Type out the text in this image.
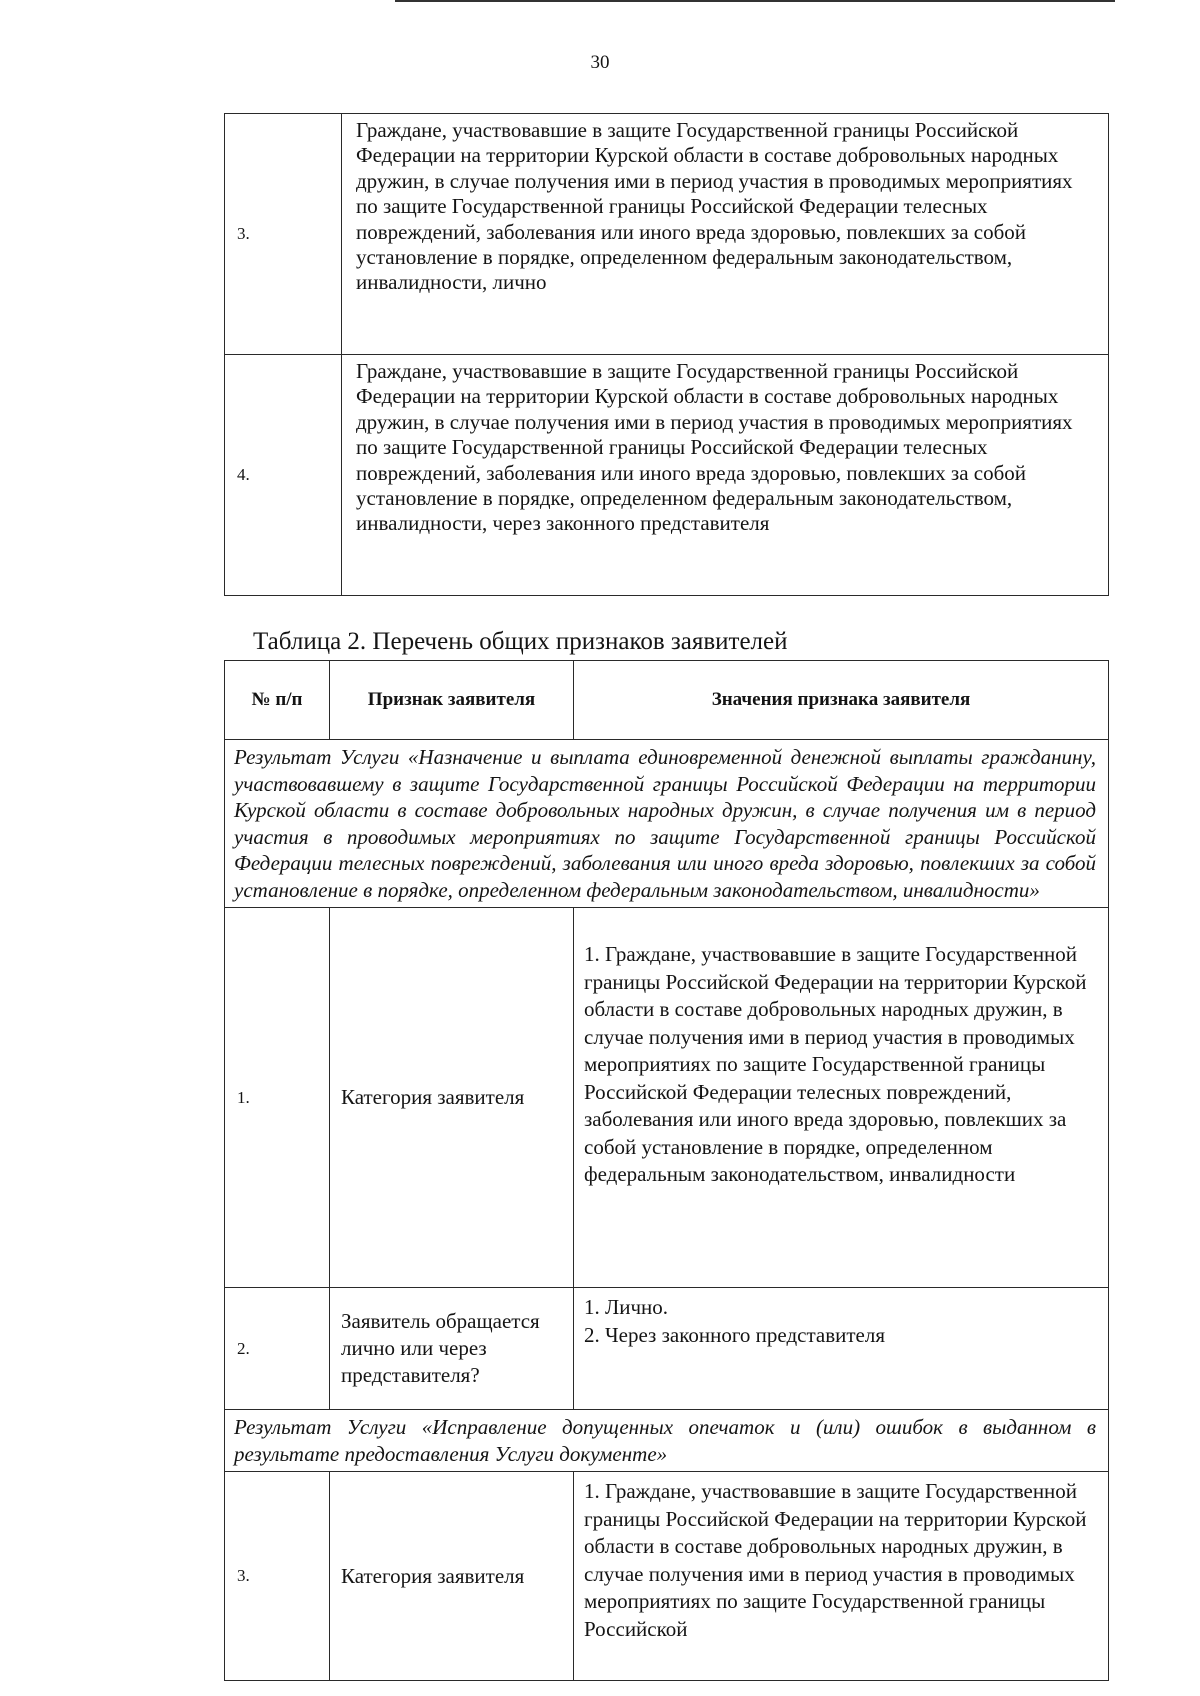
30
3.	Граждане, участвовавшие в защите Государственной границы Российской Федерации на территории Курской области в составе добровольных народных дружин, в случае получения ими в период участия в проводимых мероприятиях по защите Государственной границы Российской Федерации телесных повреждений, заболевания или иного вреда здоровью, повлекших за собой установление в порядке, определенном федеральным законодательством, инвалидности, лично
4.	Граждане, участвовавшие в защите Государственной границы Российской Федерации на территории Курской области в составе добровольных народных дружин, в случае получения ими в период участия в проводимых мероприятиях по защите Государственной границы Российской Федерации телесных повреждений, заболевания или иного вреда здоровью, повлекших за собой установление в порядке, определенном федеральным законодательством, инвалидности, через законного представителя
Таблица 2. Перечень общих признаков заявителей
№ п/п	Признак заявителя	Значения признака заявителя
Результат Услуги «Назначение и выплата единовременной денежной выплаты гражданину, участвовавшему в защите Государственной границы Российской Федерации на территории Курской области в составе добровольных народных дружин, в случае получения им в период участия в проводимых мероприятиях по защите Государственной границы Российской Федерации телесных повреждений, заболевания или иного вреда здоровью, повлекших за собой установление в порядке, определенном федеральным законодательством, инвалидности»		
1.	Категория заявителя	1. Граждане, участвовавшие в защите Государственной границы Российской Федерации на территории Курской области в составе добровольных народных дружин, в случае получения ими в период участия в проводимых мероприятиях по защите Государственной границы Российской Федерации телесных повреждений, заболевания или иного вреда здоровью, повлекших за собой установление в порядке, определенном федеральным законодательством, инвалидности
2.	Заявитель обращается лично или через представителя?	1. Лично.
2. Через законного представителя

Результат Услуги «Исправление допущенных опечаток и (или) ошибок в выданном в результате предоставления Услуги документе»		
3.	Категория заявителя	1. Граждане, участвовавшие в защите Государственной границы Российской Федерации на территории Курской области в составе добровольных народных дружин, в случае получения ими в период участия в проводимых мероприятиях по защите Государственной границы Российской
